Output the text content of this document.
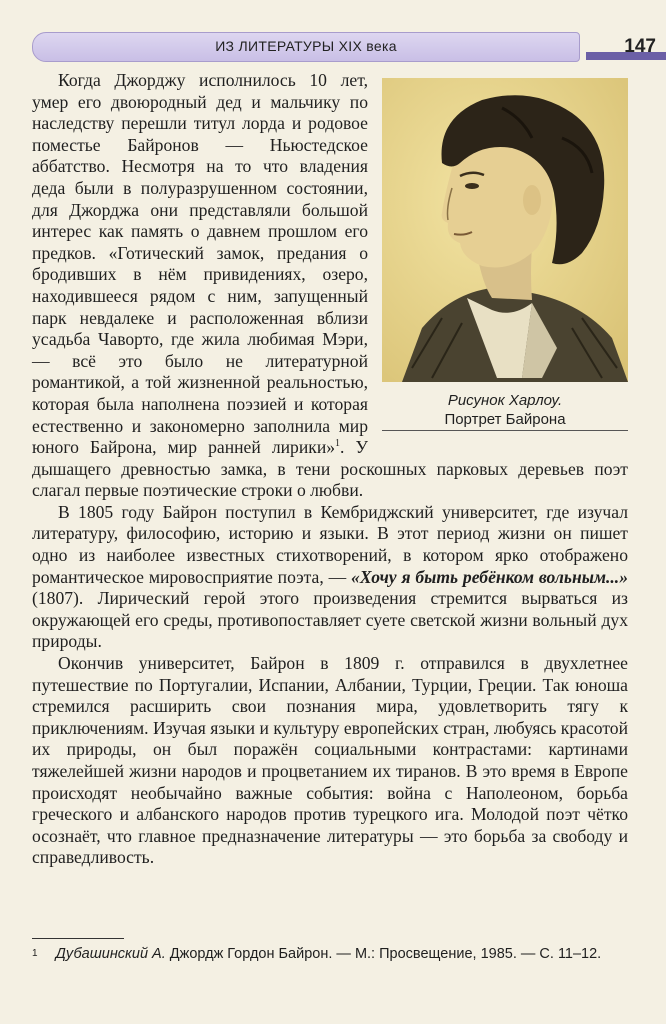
ИЗ ЛИТЕРАТУРЫ XIX века	147
Рисунок Харлоу.
Портрет Байрона

Когда Джорджу исполнилось 10 лет, умер его двоюродный дед и мальчику по наследству перешли титул лорда и родовое поместье Байронов — Ньюстедское аббатство. Несмотря на то что владения деда были в полуразрушенном состоянии, для Джорджа они представляли большой интерес как память о давнем прошлом его предков. «Готический замок, предания о бродивших в нём привидениях, озеро, находившееся рядом с ним, запущенный парк невдалеке и расположенная вблизи усадьба Чаворто, где жила любимая Мэри, — всё это было не литературной романтикой, а той жизненной реальностью, которая была наполнена поэзией и которая естественно и закономерно заполнила мир юного Байрона, мир ранней лирики»$^1$. У дышащего древностью замка, в тени роскошных парковых деревьев поэт слагал первые поэтические строки о любви.

В 1805 году Байрон поступил в Кембриджский университет, где изучал литературу, философию, историю и языки. В этот период жизни он пишет одно из наиболее известных стихотворений, в котором ярко отображено романтическое мировосприятие поэта, — «Хочу я быть ребёнком вольным...» (1807). Лирический герой этого произведения стремится вырваться из окружающей его среды, противопоставляет суете светской жизни вольный дух природы.

Окончив университет, Байрон в 1809 г. отправился в двухлетнее путешествие по Португалии, Испании, Албании, Турции, Греции. Так юноша стремился расширить свои познания мира, удовлетворить тягу к приключениям. Изучая языки и культуру европейских стран, любуясь красотой их природы, он был поражён социальными контрастами: картинами тяжелейшей жизни народов и процветанием их тиранов. В это время в Европе происходят необычайно важные события: война с Наполеоном, борьба греческого и албанского народов против турецкого ига. Молодой поэт чётко осознаёт, что главное предназначение литературы — это борьба за свободу и справедливость.

$^1$ Дубашинский А. Джордж Гордон Байрон. — М.: Просвещение, 1985. — С. 11–12.
